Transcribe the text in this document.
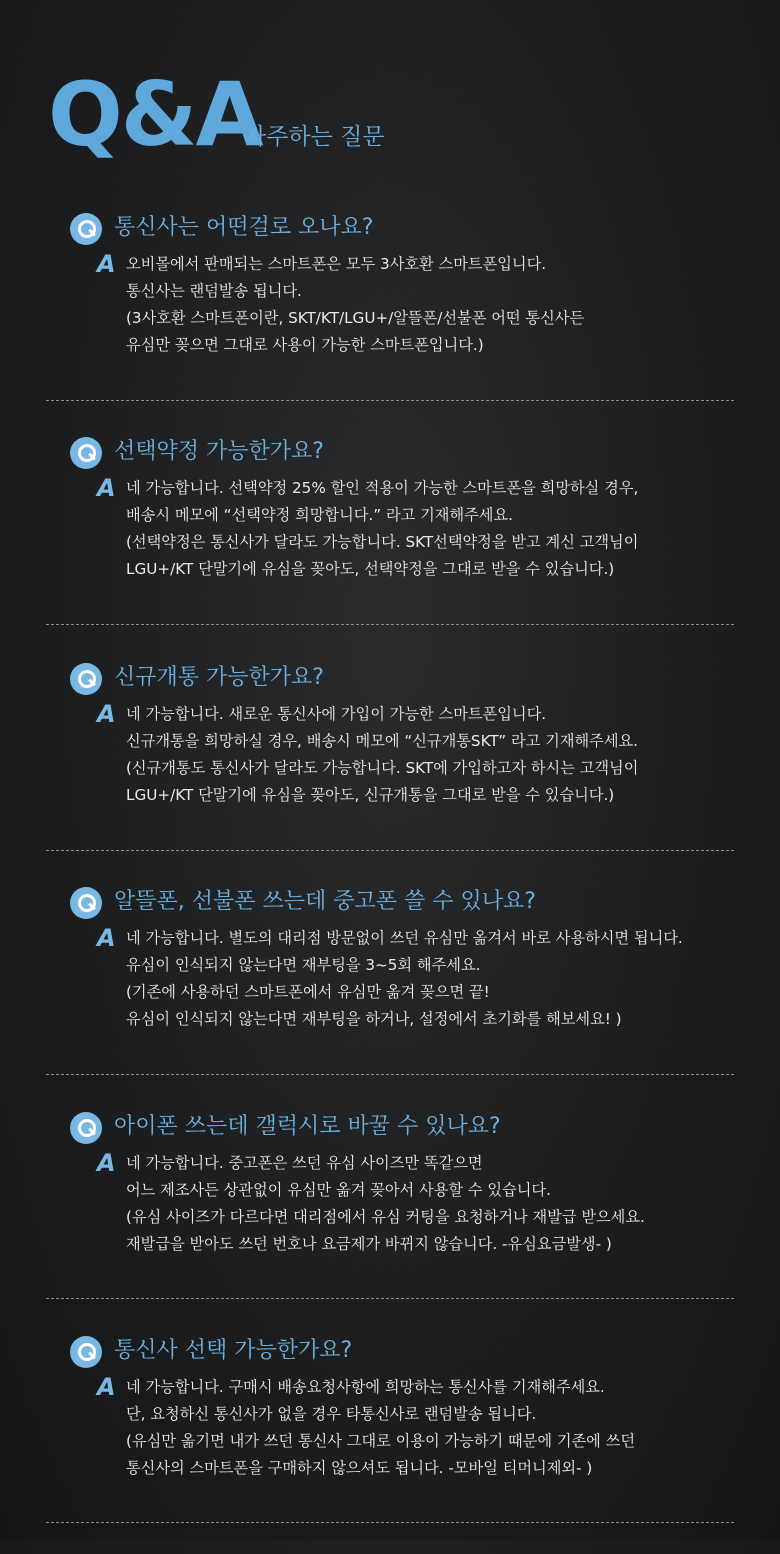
Q&A
자주하는 질문
통신사는 어떤걸로 오나요?
A 오비몰에서 판매되는 스마트폰은 모두 3사호환 스마트폰입니다.
통신사는 랜덤발송 됩니다.
(3사호환 스마트폰이란, SKT/KT/LGU+/알뜰폰/선불폰 어떤 통신사든
유심만 꽂으면 그대로 사용이 가능한 스마트폰입니다.)
선택약정 가능한가요?
A 네 가능합니다. 선택약정 25% 할인 적용이 가능한 스마트폰을 희망하실 경우,
배송시 메모에 “선택약정 희망합니다.” 라고 기재해주세요.
(선택약정은 통신사가 달라도 가능합니다. SKT선택약정을 받고 계신 고객님이
LGU+/KT 단말기에 유심을 꽂아도, 선택약정을 그대로 받을 수 있습니다.)
신규개통 가능한가요?
A 네 가능합니다. 새로운 통신사에 가입이 가능한 스마트폰입니다.
신규개통을 희망하실 경우, 배송시 메모에 “신규개통SKT” 라고 기재해주세요.
(신규개통도 통신사가 달라도 가능합니다. SKT에 가입하고자 하시는 고객님이
LGU+/KT 단말기에 유심을 꽂아도, 신규개통을 그대로 받을 수 있습니다.)
알뜰폰, 선불폰 쓰는데 중고폰 쓸 수 있나요?
A 네 가능합니다. 별도의 대리점 방문없이 쓰던 유심만 옮겨서 바로 사용하시면 됩니다.
유심이 인식되지 않는다면 재부팅을 3~5회 해주세요.
(기존에 사용하던 스마트폰에서 유심만 옮겨 꽂으면 끝!
유심이 인식되지 않는다면 재부팅을 하거나, 설정에서 초기화를 해보세요! )
아이폰 쓰는데 갤럭시로 바꿀 수 있나요?
A 네 가능합니다. 중고폰은 쓰던 유심 사이즈만 똑같으면
어느 제조사든 상관없이 유심만 옮겨 꽂아서 사용할 수 있습니다.
(유심 사이즈가 다르다면 대리점에서 유심 커팅을 요청하거나 재발급 받으세요.
재발급을 받아도 쓰던 번호나 요금제가 바뀌지 않습니다. -유심요금발생- )
통신사 선택 가능한가요?
A 네 가능합니다. 구매시 배송요청사항에 희망하는 통신사를 기재해주세요.
단, 요청하신 통신사가 없을 경우 타통신사로 랜덤발송 됩니다.
(유심만 옮기면 내가 쓰던 통신사 그대로 이용이 가능하기 때문에 기존에 쓰던
통신사의 스마트폰을 구매하지 않으셔도 됩니다. -모바일 티머니제외- )
